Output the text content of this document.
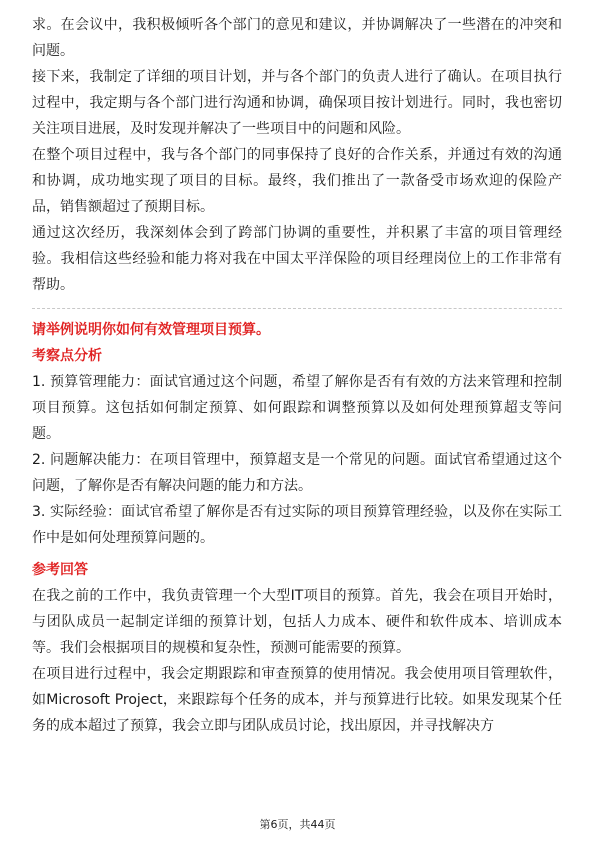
求。在会议中，我积极倾听各个部门的意见和建议，并协调解决了一些潜在的冲突和问题。

接下来，我制定了详细的项目计划，并与各个部门的负责人进行了确认。在项目执行过程中，我定期与各个部门进行沟通和协调，确保项目按计划进行。同时，我也密切关注项目进展，及时发现并解决了一些项目中的问题和风险。

在整个项目过程中，我与各个部门的同事保持了良好的合作关系，并通过有效的沟通和协调，成功地实现了项目的目标。最终，我们推出了一款备受市场欢迎的保险产品，销售额超过了预期目标。

通过这次经历，我深刻体会到了跨部门协调的重要性，并积累了丰富的项目管理经验。我相信这些经验和能力将对我在中国太平洋保险的项目经理岗位上的工作非常有帮助。

请举例说明你如何有效管理项目预算。

考察点分析

1. 预算管理能力：面试官通过这个问题，希望了解你是否有有效的方法来管理和控制项目预算。这包括如何制定预算、如何跟踪和调整预算以及如何处理预算超支等问题。

2. 问题解决能力：在项目管理中，预算超支是一个常见的问题。面试官希望通过这个问题，了解你是否有解决问题的能力和方法。

3. 实际经验：面试官希望了解你是否有过实际的项目预算管理经验，以及你在实际工作中是如何处理预算问题的。

参考回答

在我之前的工作中，我负责管理一个大型IT项目的预算。首先，我会在项目开始时，与团队成员一起制定详细的预算计划，包括人力成本、硬件和软件成本、培训成本等。我们会根据项目的规模和复杂性，预测可能需要的预算。

在项目进行过程中，我会定期跟踪和审查预算的使用情况。我会使用项目管理软件，如Microsoft Project，来跟踪每个任务的成本，并与预算进行比较。如果发现某个任务的成本超过了预算，我会立即与团队成员讨论，找出原因，并寻找解决方

第6页，共44页
